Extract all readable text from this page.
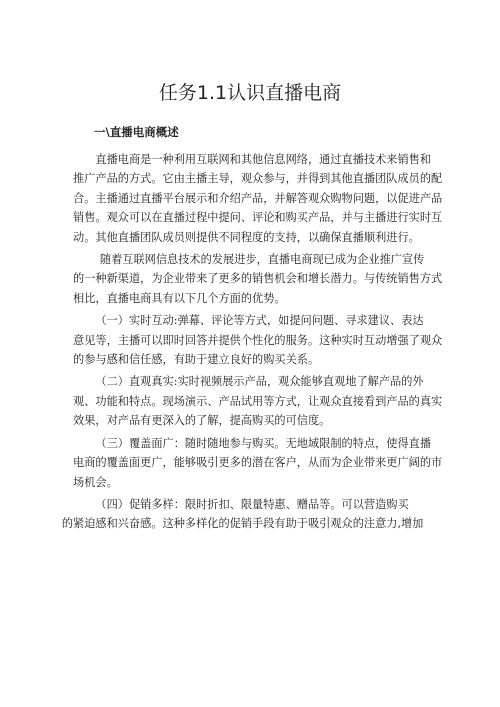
任务1.1认识直播电商
一\直播电商概述

直播电商是一种利用互联网和其他信息网络，通过直播技术来销售和
推广产品的方式。它由主播主导，观众参与，并得到其他直播团队成员的配
合。主播通过直播平台展示和介绍产品，并解答观众购物问题，以促进产品
销售。观众可以在直播过程中提问、评论和购买产品，并与主播进行实时互
动。其他直播团队成员则提供不同程度的支持，以确保直播顺利进行。

随着互联网信息技术的发展进步，直播电商现已成为企业推广宣传
的一种新渠道，为企业带来了更多的销售机会和增长潜力。与传统销售方式
相比，直播电商具有以下几个方面的优势。

（一）实时互动:弹幕、评论等方式，如提问问题、寻求建议、表达
意见等，主播可以即时回答并提供个性化的服务。这种实时互动增强了观众
的参与感和信任感，有助于建立良好的购买关系。

（二）直观真实:实时视频展示产品，观众能够直观地了解产品的外
观、功能和特点。现场演示、产品试用等方式，让观众直接看到产品的真实
效果，对产品有更深入的了解，提高购买的可信度。

（三）覆盖面广：随时随地参与购买。无地域限制的特点，使得直播
电商的覆盖面更广，能够吸引更多的潜在客户，从而为企业带来更广阔的市
场机会。

（四）促销多样：限时折扣、限量特惠、赠品等。可以营造购买
的紧迫感和兴奋感。这种多样化的促销手段有助于吸引观众的注意力,增加
